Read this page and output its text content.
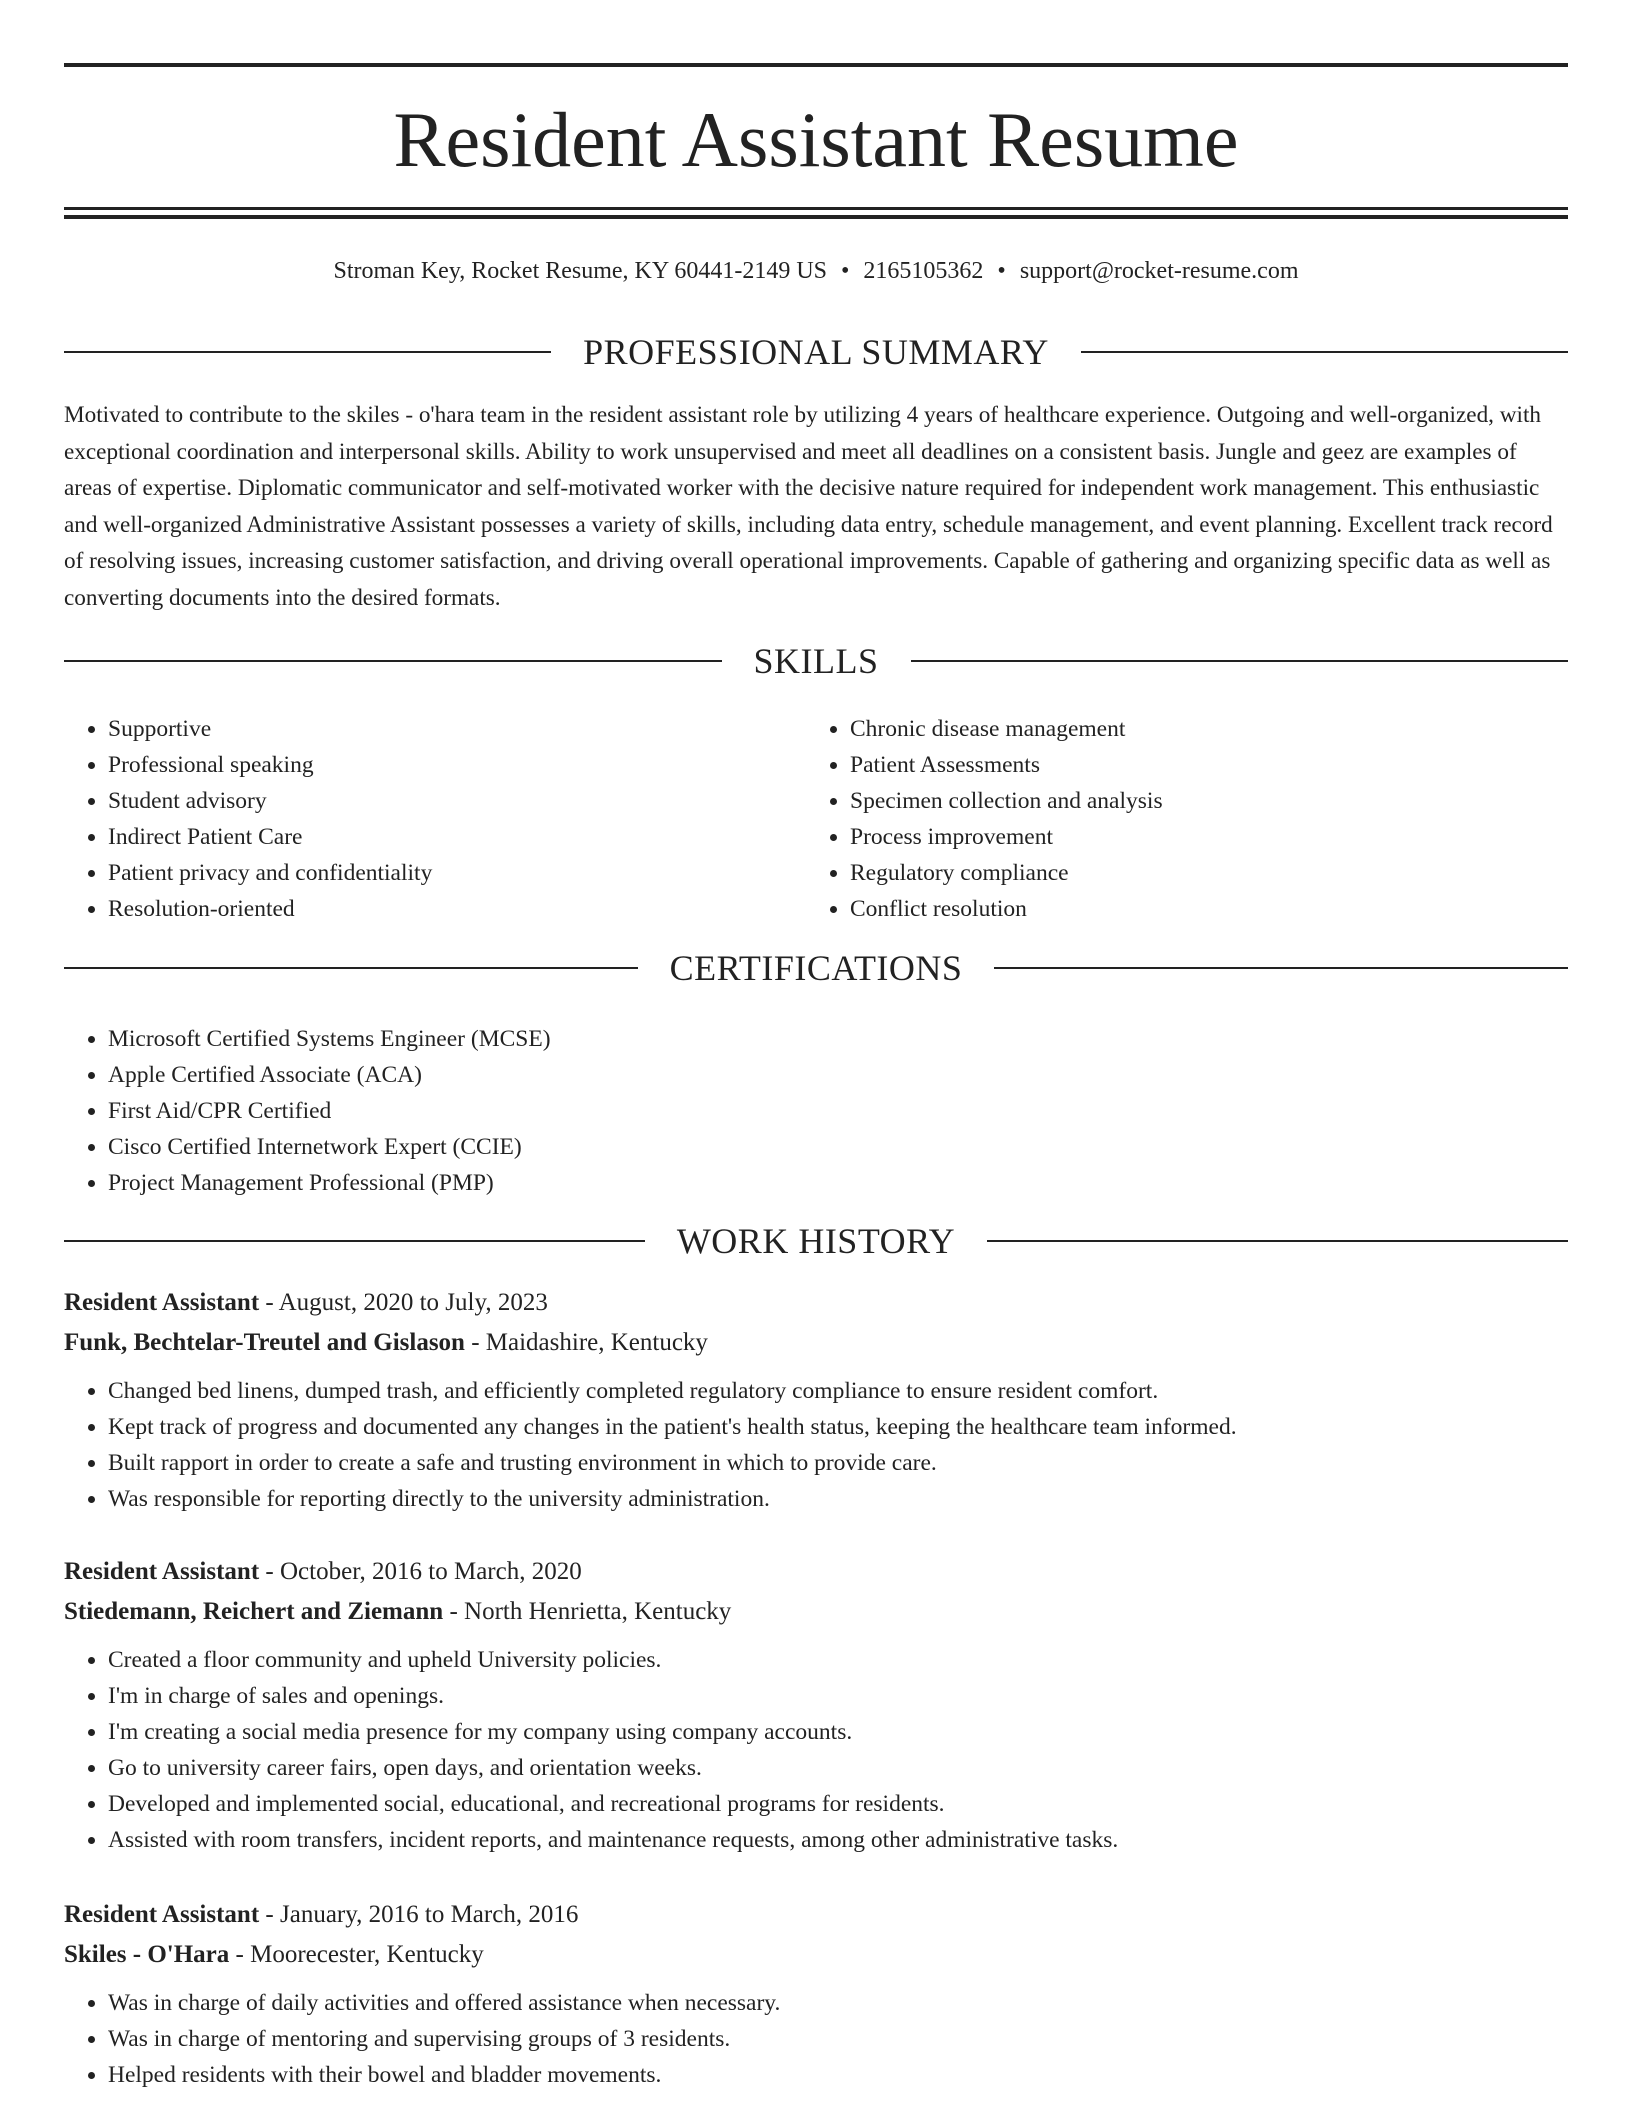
Resident Assistant Resume
Stroman Key, Rocket Resume, KY 60441-2149 US • 2165105362 • support@rocket-resume.com
PROFESSIONAL SUMMARY

Motivated to contribute to the skiles - o'hara team in the resident assistant role by utilizing 4 years of healthcare experience. Outgoing and well-organized, with exceptional coordination and interpersonal skills. Ability to work unsupervised and meet all deadlines on a consistent basis. Jungle and geez are examples of areas of expertise. Diplomatic communicator and self-motivated worker with the decisive nature required for independent work management. This enthusiastic and well-organized Administrative Assistant possesses a variety of skills, including data entry, schedule management, and event planning. Excellent track record of resolving issues, increasing customer satisfaction, and driving overall operational improvements. Capable of gathering and organizing specific data as well as converting documents into the desired formats.

SKILLS
• Supportive
• Professional speaking
• Student advisory
• Indirect Patient Care
• Patient privacy and confidentiality
• Resolution-oriented
• Chronic disease management
• Patient Assessments
• Specimen collection and analysis
• Process improvement
• Regulatory compliance
• Conflict resolution
CERTIFICATIONS
• Microsoft Certified Systems Engineer (MCSE)
• Apple Certified Associate (ACA)
• First Aid/CPR Certified
• Cisco Certified Internetwork Expert (CCIE)
• Project Management Professional (PMP)
WORK HISTORY
Resident Assistant - August, 2020 to July, 2023
Funk, Bechtelar-Treutel and Gislason - Maidashire, Kentucky
• Changed bed linens, dumped trash, and efficiently completed regulatory compliance to ensure resident comfort.
• Kept track of progress and documented any changes in the patient's health status, keeping the healthcare team informed.
• Built rapport in order to create a safe and trusting environment in which to provide care.
• Was responsible for reporting directly to the university administration.
Resident Assistant - October, 2016 to March, 2020
Stiedemann, Reichert and Ziemann - North Henrietta, Kentucky
• Created a floor community and upheld University policies.
• I'm in charge of sales and openings.
• I'm creating a social media presence for my company using company accounts.
• Go to university career fairs, open days, and orientation weeks.
• Developed and implemented social, educational, and recreational programs for residents.
• Assisted with room transfers, incident reports, and maintenance requests, among other administrative tasks.
Resident Assistant - January, 2016 to March, 2016
Skiles - O'Hara - Moorecester, Kentucky
• Was in charge of daily activities and offered assistance when necessary.
• Was in charge of mentoring and supervising groups of 3 residents.
• Helped residents with their bowel and bladder movements.
